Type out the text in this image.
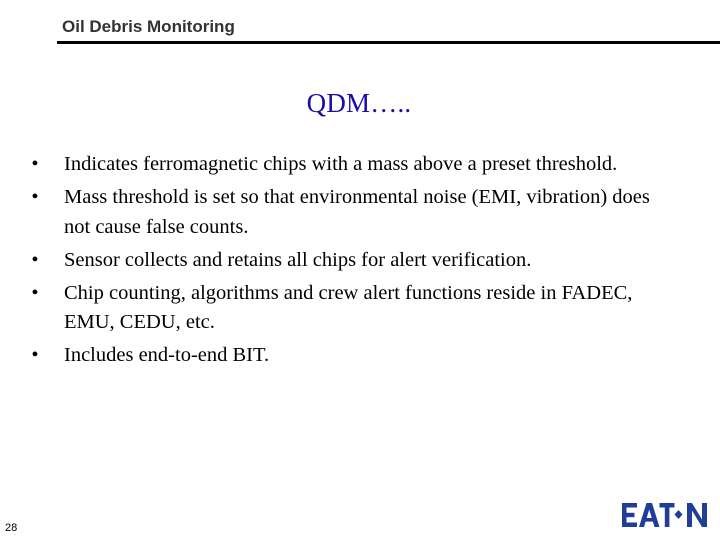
Oil Debris Monitoring
QDM…..
• Indicates ferromagnetic chips with a mass above a preset threshold.
• Mass threshold is set so that environmental noise (EMI, vibration) does not cause false counts.
• Sensor collects and retains all chips for alert verification.
• Chip counting, algorithms and crew alert functions reside in FADEC, EMU, CEDU, etc.
• Includes end-to-end BIT.
28
